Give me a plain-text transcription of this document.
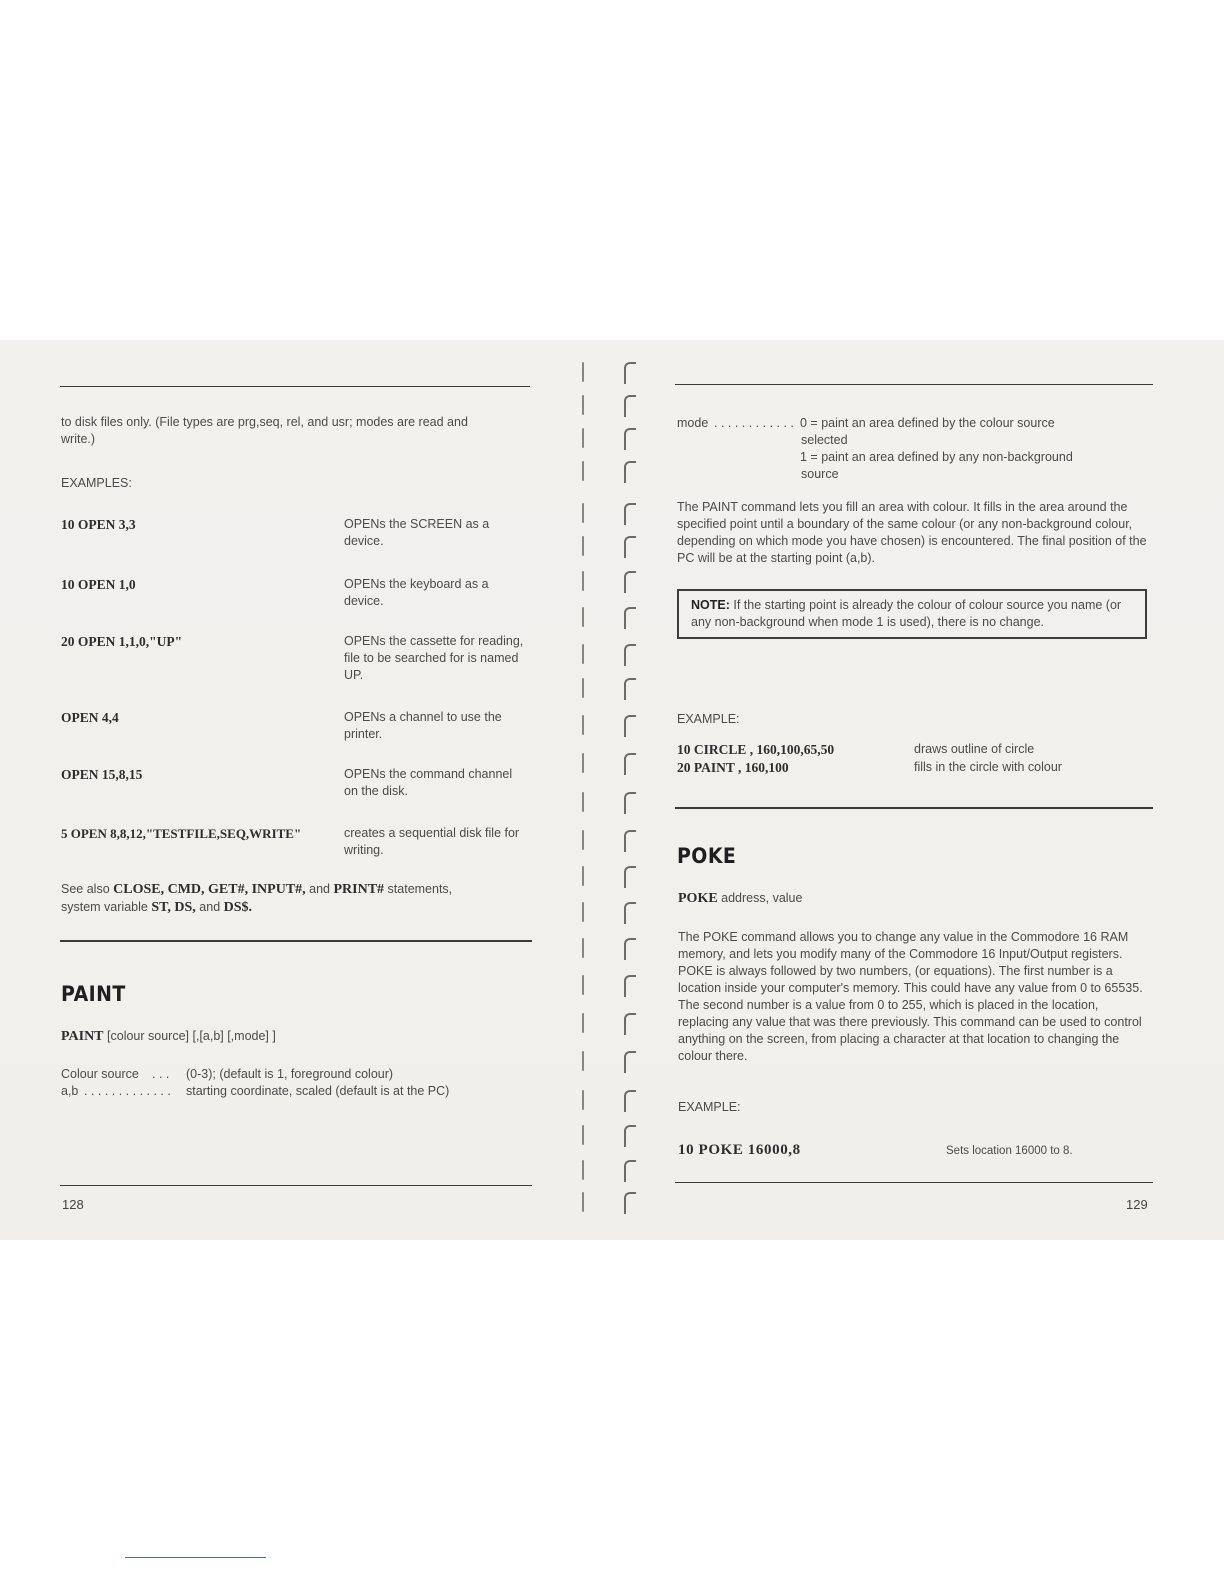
to disk files only. (File types are prg,seq, rel, and usr; modes are read and write.)
EXAMPLES:
10 OPEN 3,3	OPENs the SCREEN as a device.
10 OPEN 1,0	OPENs the keyboard as a device.
20 OPEN 1,1,0,"UP"	OPENs the cassette for reading, file to be searched for is named UP.
OPEN 4,4	OPENs a channel to use the printer.
OPEN 15,8,15	OPENs the command channel on the disk.
5 OPEN 8,8,12,"TESTFILE,SEQ,WRITE"	creates a sequential disk file for writing.
See also CLOSE, CMD, GET#, INPUT#, and PRINT# statements,
system variable ST, DS, and DS$.
PAINT
PAINT [colour source] [,[a,b] [,mode] ]
Colour source . . . (0-3); (default is 1, foreground colour)
a,b . . . . . . . . . . . . . starting coordinate, scaled (default is at the PC)
128
mode . . . . . . . . . . . . 0 = paint an area defined by the colour source
selected
1 = paint an area defined by any non-background
source
The PAINT command lets you fill an area with colour. It fills in the area around the specified point until a boundary of the same colour (or any non-background colour, depending on which mode you have chosen) is encountered. The final position of the PC will be at the starting point (a,b).
NOTE: If the starting point is already the colour of colour source you name (or any non-background when mode 1 is used), there is no change.
EXAMPLE:
10 CIRCLE , 160,100,65,50	draws outline of circle
20 PAINT , 160,100	fills in the circle with colour
POKE
POKE address, value
The POKE command allows you to change any value in the Commodore 16 RAM memory, and lets you modify many of the Commodore 16 Input/Output registers. POKE is always followed by two numbers, (or equations). The first number is a location inside your computer's memory. This could have any value from 0 to 65535. The second number is a value from 0 to 255, which is placed in the location, replacing any value that was there previously. This command can be used to control anything on the screen, from placing a character at that location to changing the colour there.
EXAMPLE:
10 POKE 16000,8	Sets location 16000 to 8.
129
